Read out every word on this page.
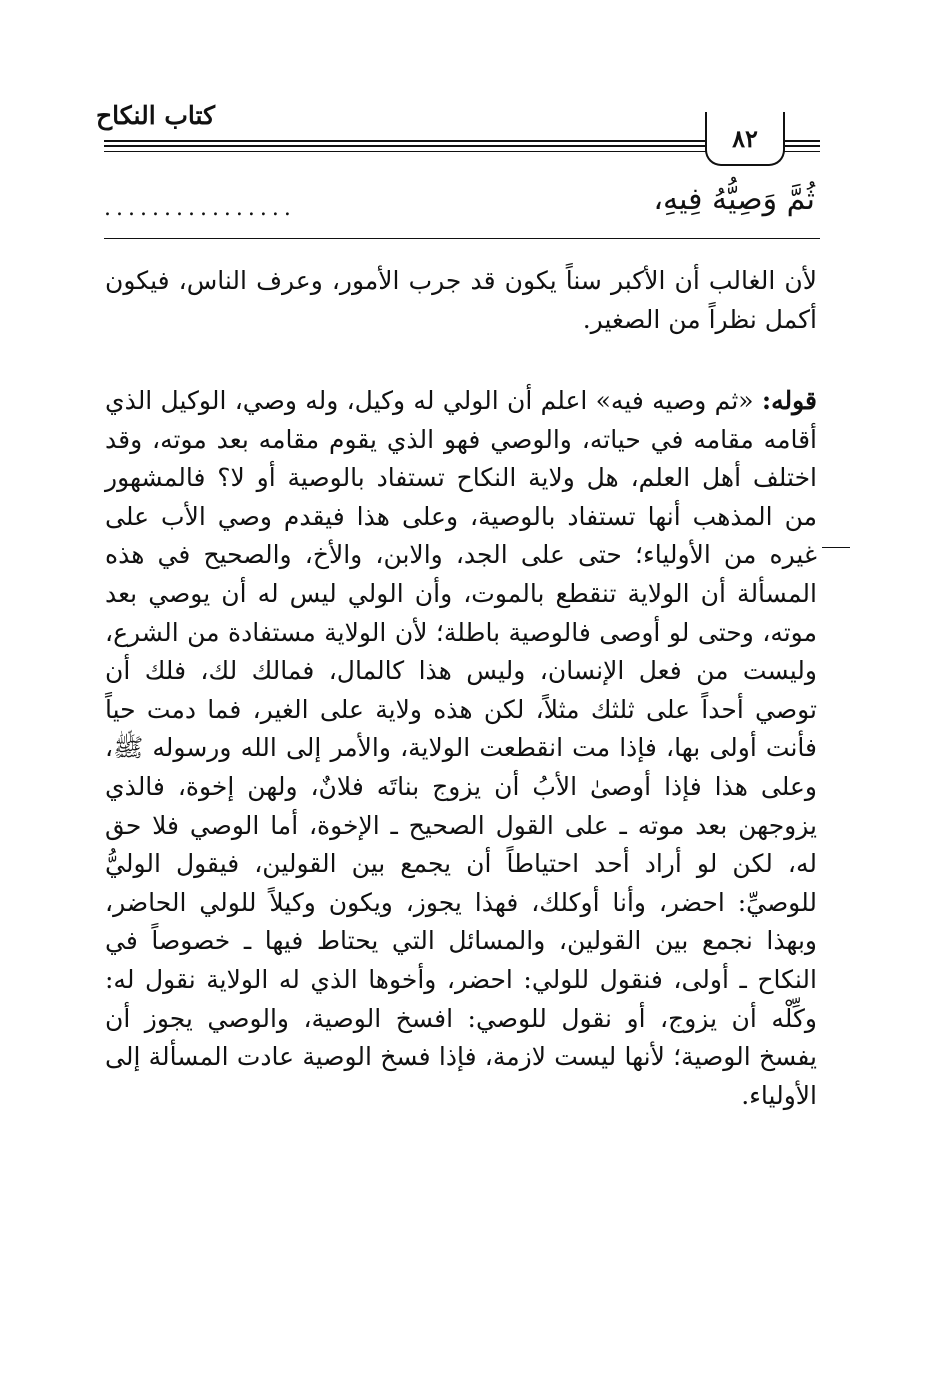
كتاب النكاح
٨٢
ثُمَّ وَصِيُّهُ فِيهِ،
................

لأن الغالب أن الأكبر سناً يكون قد جرب الأمور، وعرف الناس، فيكون أكمل نظراً من الصغير.

قوله: «ثم وصيه فيه» اعلم أن الولي له وكيل، وله وصي، الوكيل الذي أقامه مقامه في حياته، والوصي فهو الذي يقوم مقامه بعد موته، وقد اختلف أهل العلم، هل ولاية النكاح تستفاد بالوصية أو لا؟ فالمشهور من المذهب أنها تستفاد بالوصية، وعلى هذا فيقدم وصي الأب على غيره من الأولياء؛ حتى على الجد، والابن، والأخ، والصحيح في هذه المسألة أن الولاية تنقطع بالموت، وأن الولي ليس له أن يوصي بعد موته، وحتى لو أوصى فالوصية باطلة؛ لأن الولاية مستفادة من الشرع، وليست من فعل الإنسان، وليس هذا كالمال، فمالك لك، فلك أن توصي أحداً على ثلثك مثلاً، لكن هذه ولاية على الغير، فما دمت حياً فأنت أولى بها، فإذا مت انقطعت الولاية، والأمر إلى الله ورسوله ﷺ، وعلى هذا فإذا أوصىٰ الأبُ أن يزوج بناتَه فلانٌ، ولهن إخوة، فالذي يزوجهن بعد موته ـ على القول الصحيح ـ الإخوة، أما الوصي فلا حق له، لكن لو أراد أحد احتياطاً أن يجمع بين القولين، فيقول الوليُّ للوصيِّ: احضر، وأنا أوكلك، فهذا يجوز، ويكون وكيلاً للولي الحاضر، وبهذا نجمع بين القولين، والمسائل التي يحتاط فيها ـ خصوصاً في النكاح ـ أولى، فنقول للولي: احضر، وأخوها الذي له الولاية نقول له: وكِّلْه أن يزوج، أو نقول للوصي: افسخ الوصية، والوصي يجوز أن يفسخ الوصية؛ لأنها ليست لازمة، فإذا فسخ الوصية عادت المسألة إلى الأولياء.
